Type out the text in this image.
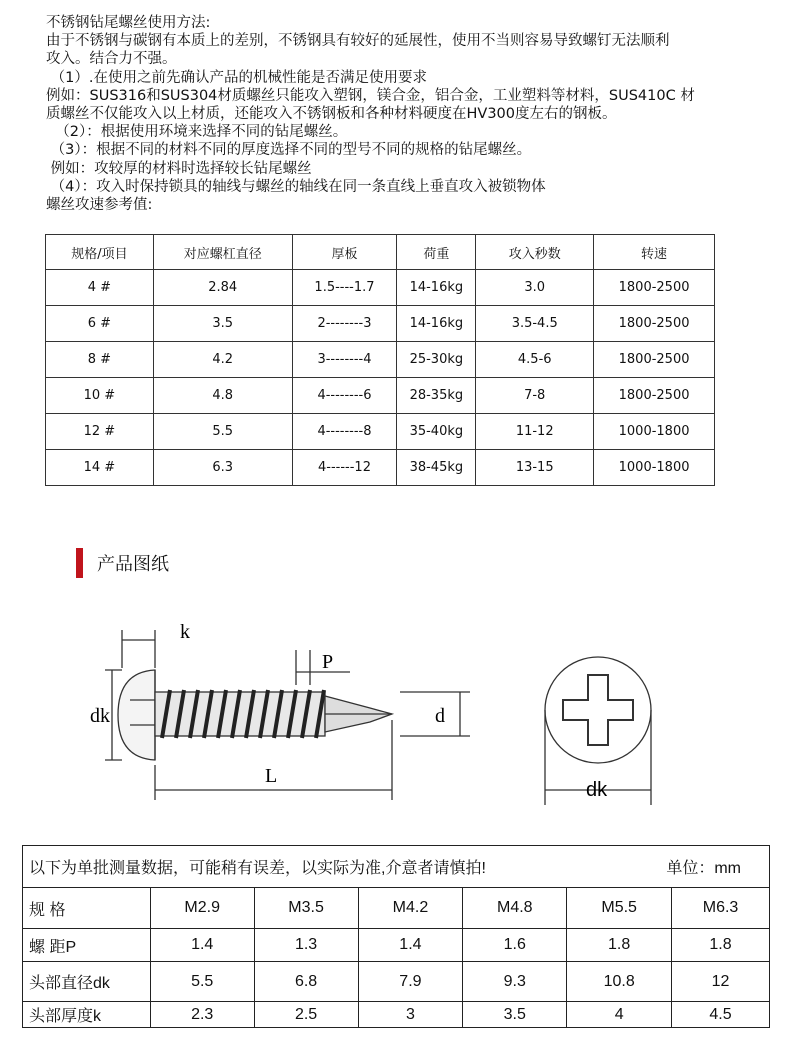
不锈钢钻尾螺丝使用方法:
由于不锈钢与碳钢有本质上的差别，不锈钢具有较好的延展性，使用不当则容易导致螺钉无法顺利
攻入。结合力不强。
（1）.在使用之前先确认产品的机械性能是否满足使用要求
例如：SUS316和SUS304材质螺丝只能攻入塑钢，镁合金，铝合金，工业塑料等材料，SUS410C 材
质螺丝不仅能攻入以上材质，还能攻入不锈钢板和各种材料硬度在HV300度左右的钢板。
（2）：根据使用环境来选择不同的钻尾螺丝。
（3）：根据不同的材料不同的厚度选择不同的型号不同的规格的钻尾螺丝。
例如：攻较厚的材料时选择较长钻尾螺丝
（4）：攻入时保持锁具的轴线与螺丝的轴线在同一条直线上垂直攻入被锁物体
螺丝攻速参考值:
规格/项目	对应螺杠直径	厚板	荷重	攻入秒数	转速
4 #	2.84	1.5----1.7	14-16kg	3.0	1800-2500
6 #	3.5	2--------3	14-16kg	3.5-4.5	1800-2500
8 #	4.2	3--------4	25-30kg	4.5-6	1800-2500
10 #	4.8	4--------6	28-35kg	7-8	1800-2500
12 #	5.5	4--------8	35-40kg	11-12	1000-1800
14 #	6.3	4------12	38-45kg	13-15	1000-1800
产品图纸
k
P
dk	d
L
dk
以下为单批测量数据，可能稍有误差，以实际为准,介意者请慎拍! 单位：mm						

规 格	M2.9	M3.5	M4.2	M4.8	M5.5	M6.3
螺 距P	1.4	1.3	1.4	1.6	1.8	1.8
头部直径dk	5.5	6.8	7.9	9.3	10.8	12
头部厚度k	2.3	2.5	3	3.5	4	4.5
